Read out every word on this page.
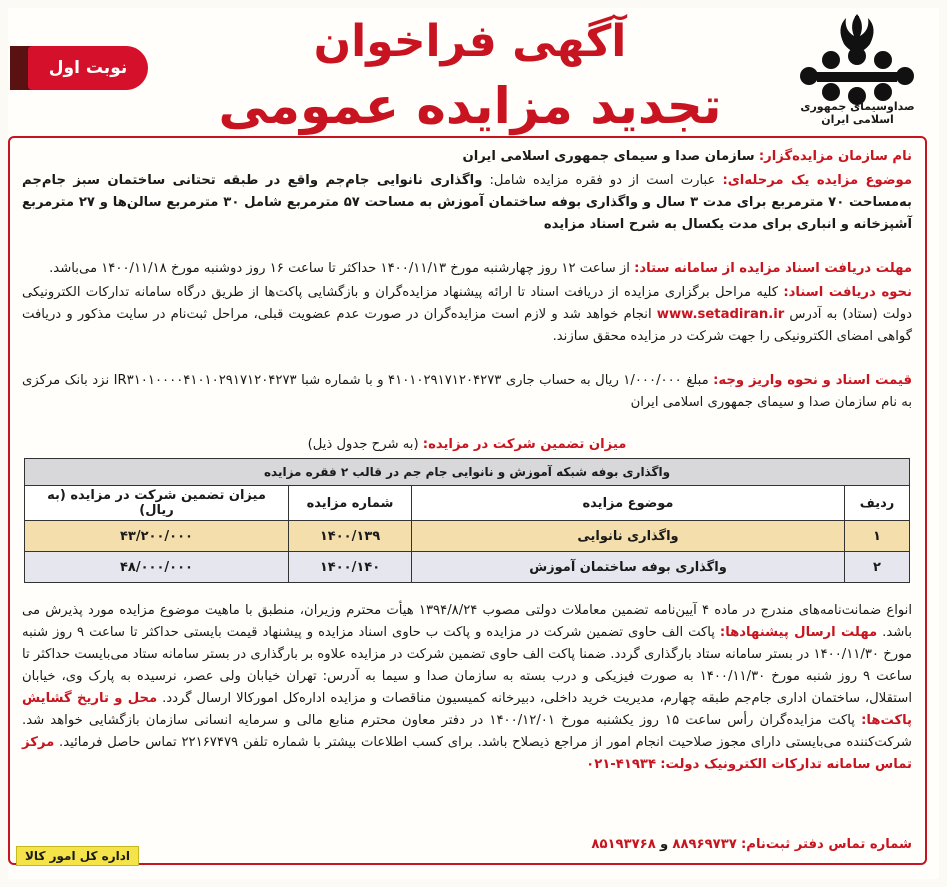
نوبت اول
آگهی فراخوان
تجدید مزایده عمومی	صداوسیمای جمهوری اسلامی ایران
نام سازمان مزایده‌گزار: سازمان صدا و سیمای جمهوری اسلامی ایران
موضوع مزایده یک مرحله‌ای: عبارت است از دو فقره مزایده شامل: واگذاری نانوایی جام‌جم واقع در طبقه تحتانی ساختمان سبز جام‌جم به‌مساحت ۷۰ مترمربع برای مدت ۳ سال و واگذاری بوفه ساختمان آموزش به مساحت ۵۷ مترمربع شامل ۳۰ مترمربع سالن‌ها و ۲۷ مترمربع آشپزخانه و انباری برای مدت یکسال به شرح اسناد مزایده
مهلت دریافت اسناد مزایده از سامانه ستاد: از ساعت ۱۲ روز چهارشنبه مورخ ۱۴۰۰/۱۱/۱۳ حداکثر تا ساعت ۱۶ روز دوشنبه مورخ ۱۴۰۰/۱۱/۱۸ می‌باشد.
نحوه دریافت اسناد: کلیه مراحل برگزاری مزایده از دریافت اسناد تا ارائه پیشنهاد مزایده‌گران و بازگشایی پاکت‌ها از طریق درگاه سامانه تدارکات الکترونیکی دولت (ستاد) به آدرس www.setadiran.ir انجام خواهد شد و لازم است مزایده‌گران در صورت عدم عضویت قبلی، مراحل ثبت‌نام در سایت مذکور و دریافت گواهی امضای الکترونیکی را جهت شرکت در مزایده محقق سازند.
قیمت اسناد و نحوه واریز وجه: مبلغ ۱/۰۰۰/۰۰۰ ریال به حساب جاری ۴۱۰۱۰۲۹۱۷۱۲۰۴۲۷۳ و با شماره شبا IR۳۱۰۱۰۰۰۰۴۱۰۱۰۲۹۱۷۱۲۰۴۲۷۳ نزد بانک مرکزی به نام سازمان صدا و سیمای جمهوری اسلامی ایران
میزان تضمین شرکت در مزایده: (به شرح جدول ذیل)
واگذاری بوفه شبکه آموزش و نانوایی جام جم در قالب ۲ فقره مزایده			
ردیف	موضوع مزایده	شماره مزایده	میزان تضمین شرکت در مزایده (به ریال)
۱	واگذاری نانوایی	۱۴۰۰/۱۳۹	۴۳/۲۰۰/۰۰۰
۲	واگذاری بوفه ساختمان آموزش	۱۴۰۰/۱۴۰	۴۸/۰۰۰/۰۰۰
انواع ضمانت‌نامه‌های مندرج در ماده ۴ آیین‌نامه تضمین معاملات دولتی مصوب ۱۳۹۴/۸/۲۴ هیأت محترم وزیران، منطبق با ماهیت موضوع مزایده مورد پذیرش می باشد. مهلت ارسال پیشنهادها: پاکت الف حاوی تضمین شرکت در مزایده و پاکت ب حاوی اسناد مزایده و پیشنهاد قیمت بایستی حداکثر تا ساعت ۹ روز شنبه مورخ ۱۴۰۰/۱۱/۳۰ در بستر سامانه ستاد بارگذاری گردد. ضمنا پاکت الف حاوی تضمین شرکت در مزایده علاوه بر بارگذاری در بستر سامانه ستاد می‌بایست حداکثر تا ساعت ۹ روز شنبه مورخ ۱۴۰۰/۱۱/۳۰ به صورت فیزیکی و درب بسته به سازمان صدا و سیما به آدرس: تهران خیابان ولی عصر، نرسیده به پارک وی، خیابان استقلال، ساختمان اداری جام‌جم طبقه چهارم، مدیریت خرید داخلی، دبیرخانه کمیسیون مناقصات و مزایده اداره‌کل امورکالا ارسال گردد. محل و تاریخ گشایش پاکت‌ها: پاکت مزایده‌گران رأس ساعت ۱۵ روز یکشنبه مورخ ۱۴۰۰/۱۲/۰۱ در دفتر معاون محترم منابع مالی و سرمایه انسانی سازمان بازگشایی خواهد شد. شرکت‌کننده می‌بایستی دارای مجوز صلاحیت انجام امور از مراجع ذیصلاح باشد. برای کسب اطلاعات بیشتر با شماره تلفن ۲۲۱۶۷۴۷۹ تماس حاصل فرمائید. مرکز تماس سامانه تدارکات الکترونیک دولت: ۰۲۱-۴۱۹۳۴
شماره تماس دفتر ثبت‌نام: ۸۸۹۶۹۷۳۷ و ۸۵۱۹۳۷۶۸
اداره کل امور کالا
